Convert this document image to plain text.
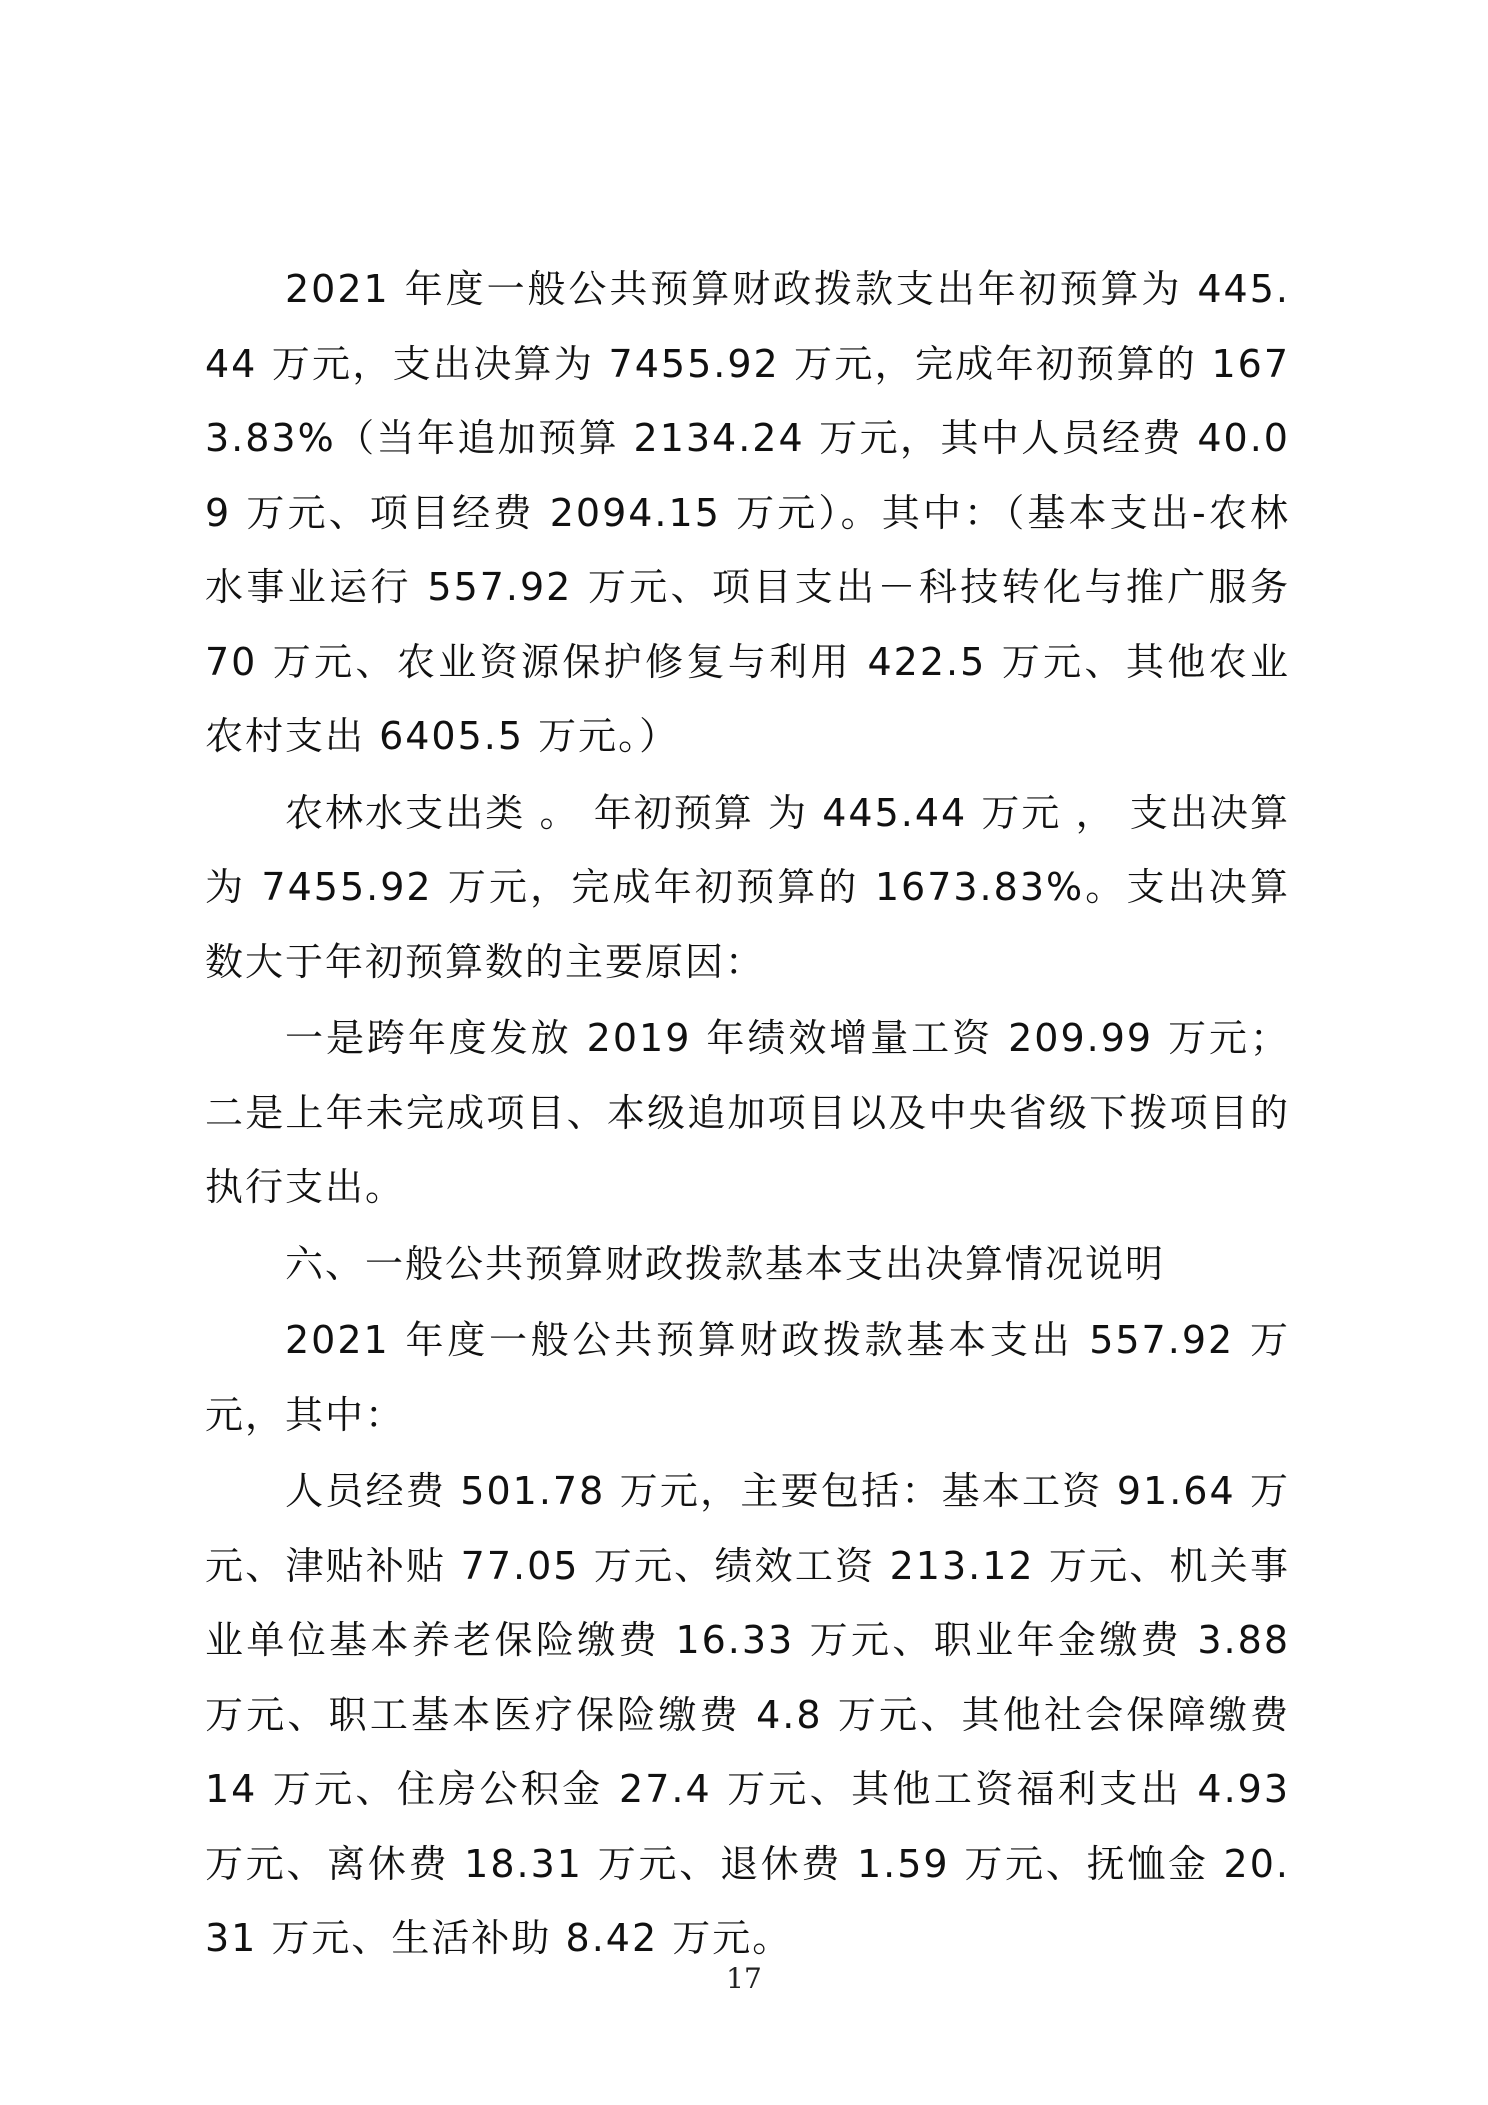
2021 年度一般公共预算财政拨款支出年初预算为 445.44 万元，支出决算为 7455.92 万元，完成年初预算的 1673.83%（当年追加预算 2134.24 万元，其中人员经费 40.09 万元、项目经费 2094.15 万元）。其中：（基本支出-农林水事业运行 557.92 万元、项目支出－科技转化与推广服务 70 万元、农业资源保护修复与利用 422.5 万元、其他农业农村支出 6405.5 万元。）

农林水支出类 。 年初预算 为 445.44 万元 ， 支出决算 为 7455.92 万元，完成年初预算的 1673.83%。支出决算数大于年初预算数的主要原因：

一是跨年度发放 2019 年绩效增量工资 209.99 万元；二是上年未完成项目、本级追加项目以及中央省级下拨项目的执行支出。

六、一般公共预算财政拨款基本支出决算情况说明

2021 年度一般公共预算财政拨款基本支出 557.92 万元，其中：

人员经费 501.78 万元，主要包括：基本工资 91.64 万元、津贴补贴 77.05 万元、绩效工资 213.12 万元、机关事业单位基本养老保险缴费 16.33 万元、职业年金缴费 3.88 万元、职工基本医疗保险缴费 4.8 万元、其他社会保障缴费 14 万元、住房公积金 27.4 万元、其他工资福利支出 4.93 万元、离休费 18.31 万元、退休费 1.59 万元、抚恤金 20.31 万元、生活补助 8.42 万元。

17
